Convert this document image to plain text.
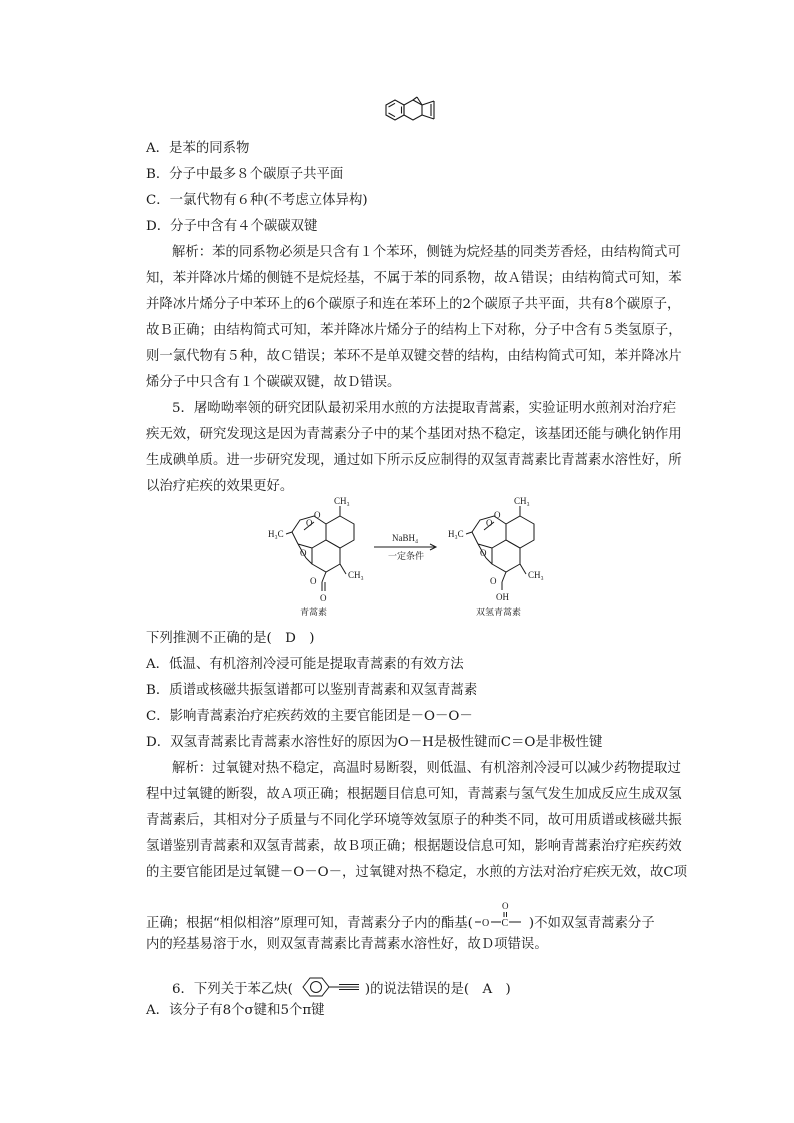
A．是苯的同系物
B．分子中最多８个碳原子共平面
C．一氯代物有６种(不考虑立体异构)
D．分子中含有４个碳碳双键
解析：苯的同系物必须是只含有１个苯环，侧链为烷烃基的同类芳香烃，由结构简式可
知，苯并降冰片烯的侧链不是烷烃基，不属于苯的同系物，故Ａ错误；由结构简式可知，苯
并降冰片烯分子中苯环上的6个碳原子和连在苯环上的2个碳原子共平面，共有8个碳原子，
故Ｂ正确；由结构简式可知，苯并降冰片烯分子的结构上下对称，分子中含有５类氢原子，
则一氯代物有５种，故Ｃ错误；苯环不是单双键交替的结构，由结构简式可知，苯并降冰片
烯分子中只含有１个碳碳双键，故Ｄ错误。
5．屠呦呦率领的研究团队最初采用水煎的方法提取青蒿素，实验证明水煎剂对治疗疟
疾无效，研究发现这是因为青蒿素分子中的某个基团对热不稳定，该基团还能与碘化钠作用
生成碘单质。进一步研究发现，通过如下所示反应制得的双氢青蒿素比青蒿素水溶性好，所
以治疗疟疾的效果更好。
CH₃
H₃C
O
O
O
O
CH₃
O
NaBH₄
一定条件
CH₃
H₃C
O
O
O
O
CH₃
OH
青蒿素	双氢青蒿素
下列推测不正确的是(　D　)
A．低温、有机溶剂冷浸可能是提取青蒿素的有效方法
B．质谱或核磁共振氢谱都可以鉴别青蒿素和双氢青蒿素
C．影响青蒿素治疗疟疾药效的主要官能团是－O－O－
D．双氢青蒿素比青蒿素水溶性好的原因为O－H是极性键而C＝O是非极性键
解析：过氧键对热不稳定，高温时易断裂，则低温、有机溶剂冷浸可以减少药物提取过
程中过氧键的断裂，故Ａ项正确；根据题目信息可知，青蒿素与氢气发生加成反应生成双氢
青蒿素后，其相对分子质量与不同化学环境等效氢原子的种类不同，故可用质谱或核磁共振
氢谱鉴别青蒿素和双氢青蒿素，故Ｂ项正确；根据题设信息可知，影响青蒿素治疗疟疾药效
的主要官能团是过氧键－O－O－，过氧键对热不稳定，水煎的方法对治疗疟疾无效，故C项
正确；根据“相似相溶”原理可知，青蒿素分子内的酯基( O C
O
)不如双氢青蒿素分子
内的羟基易溶于水，则双氢青蒿素比青蒿素水溶性好，故Ｄ项错误。
6．下列关于苯乙炔(	)的说法错误的是(　A　)
A．该分子有8个σ键和5个π键
